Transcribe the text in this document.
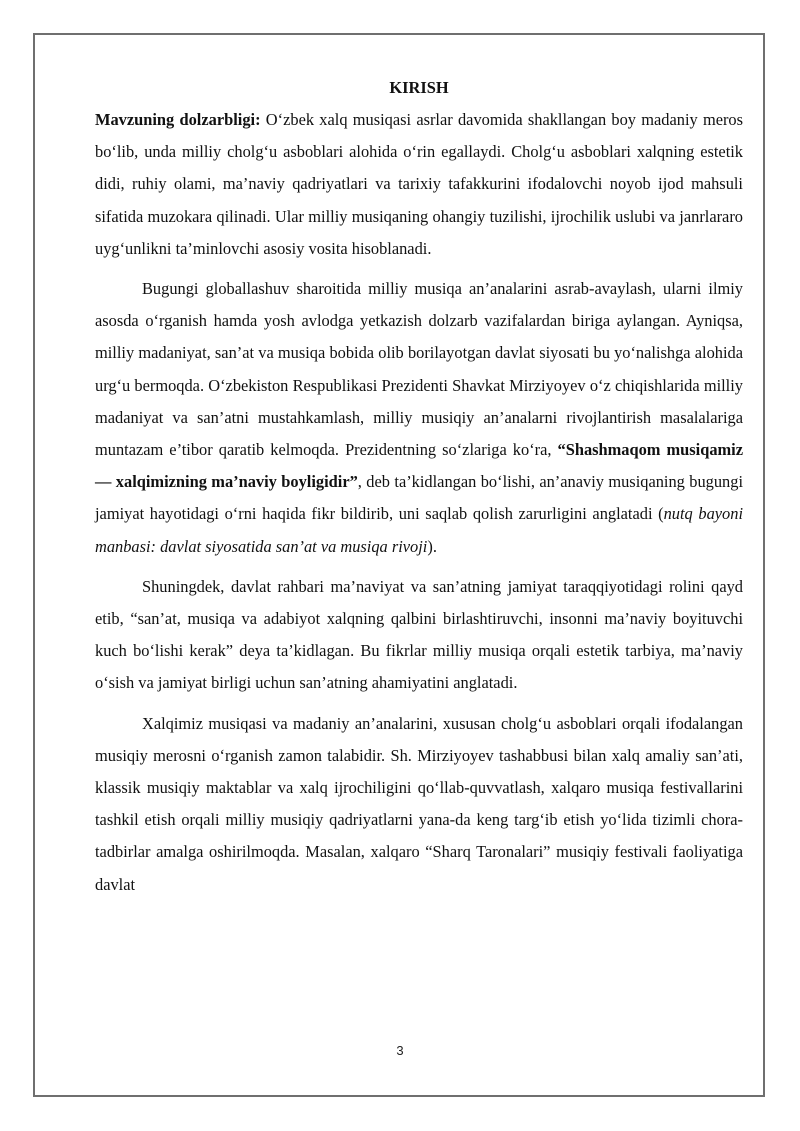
KIRISH

Mavzuning dolzarbligi: O‘zbek xalq musiqasi asrlar davomida shakllangan boy madaniy meros bo‘lib, unda milliy cholg‘u asboblari alohida o‘rin egallaydi. Cholg‘u asboblari xalqning estetik didi, ruhiy olami, ma’naviy qadriyatlari va tarixiy tafakkurini ifodalovchi noyob ijod mahsuli sifatida muzokara qilinadi. Ular milliy musiqaning ohangiy tuzilishi, ijrochilik uslubi va janrlararo uyg‘unlikni ta’minlovchi asosiy vosita hisoblanadi.

Bugungi globallashuv sharoitida milliy musiqa an’analarini asrab-avaylash, ularni ilmiy asosda o‘rganish hamda yosh avlodga yetkazish dolzarb vazifalardan biriga aylangan. Ayniqsa, milliy madaniyat, san’at va musiqa bobida olib borilayotgan davlat siyosati bu yo‘nalishga alohida urg‘u bermoqda. O‘zbekiston Respublikasi Prezidenti Shavkat Mirziyoyev o‘z chiqishlarida milliy madaniyat va san’atni mustahkamlash, milliy musiqiy an’analarni rivojlantirish masalalariga muntazam e’tibor qaratib kelmoqda. Prezidentning so‘zlariga ko‘ra, “Shashmaqom musiqamiz — xalqimizning ma’naviy boyligidir”, deb ta’kidlangan bo‘lishi, an’anaviy musiqaning bugungi jamiyat hayotidagi o‘rni haqida fikr bildirib, uni saqlab qolish zarurligini anglatadi (nutq bayoni manbasi: davlat siyosatida san’at va musiqa rivoji).

Shuningdek, davlat rahbari ma’naviyat va san’atning jamiyat taraqqiyotidagi rolini qayd etib, “san’at, musiqa va adabiyot xalqning qalbini birlashtiruvchi, insonni ma’naviy boyituvchi kuch bo‘lishi kerak” deya ta’kidlagan. Bu fikrlar milliy musiqa orqali estetik tarbiya, ma’naviy o‘sish va jamiyat birligi uchun san’atning ahamiyatini anglatadi.

Xalqimiz musiqasi va madaniy an’analarini, xususan cholg‘u asboblari orqali ifodalangan musiqiy merosni o‘rganish zamon talabidir. Sh. Mirziyoyev tashabbusi bilan xalq amaliy san’ati, klassik musiqiy maktablar va xalq ijrochiligini qo‘llab-quvvatlash, xalqaro musiqa festivallarini tashkil etish orqali milliy musiqiy qadriyatlarni yana-da keng targ‘ib etish yo‘lida tizimli chora-tadbirlar amalga oshirilmoqda. Masalan, xalqaro “Sharq Taronalari” musiqiy festivali faoliyatiga davlat

3
